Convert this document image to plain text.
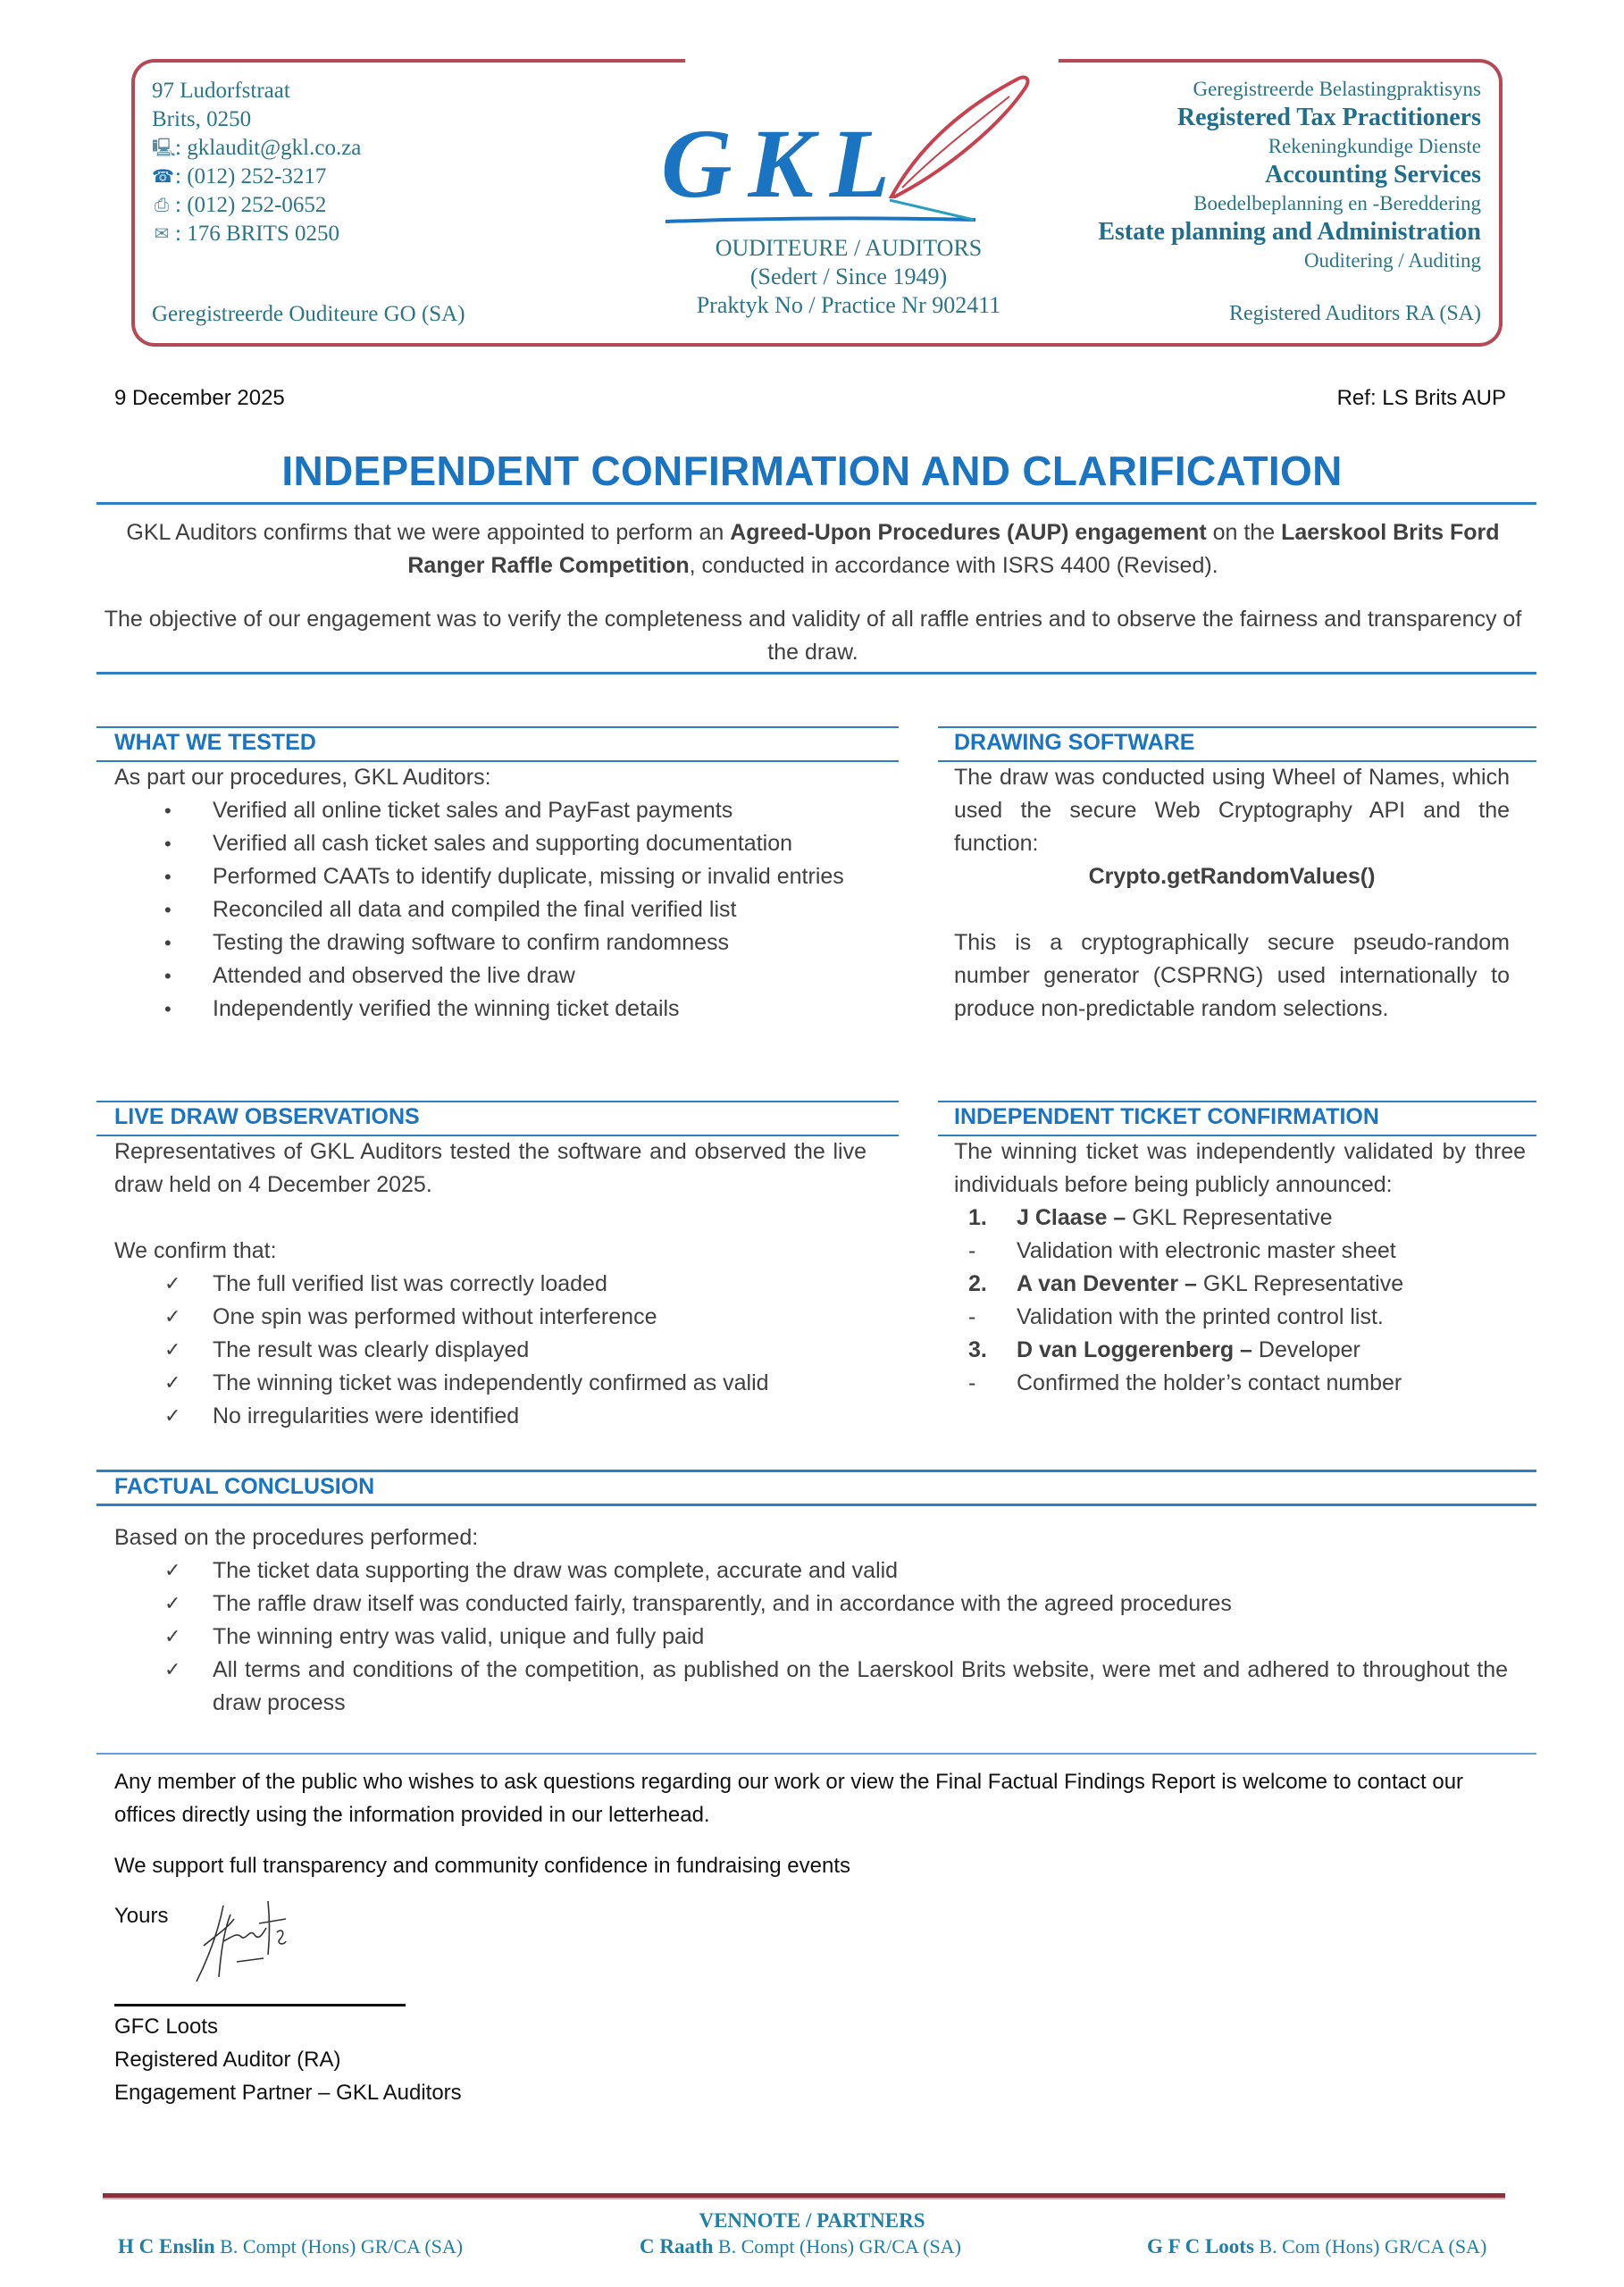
97 Ludorfstraat
Brits, 0250
🖳 : gklaudit@gkl.co.za
☎ : (012) 252-3217
⎙ : (012) 252-0652
✉ : 176 BRITS 0250
Geregistreerde Ouditeure GO (SA)
GKL
OUDITEURE / AUDITORS
(Sedert / Since 1949)
Praktyk No / Practice Nr 902411
Geregistreerde Belastingpraktisyns
Registered Tax Practitioners
Rekeningkundige Dienste
Accounting Services
Boedelbeplanning en -Bereddering
Estate planning and Administration
Ouditering / Auditing
Registered Auditors RA (SA)
9 December 2025	Ref: LS Brits AUP
INDEPENDENT CONFIRMATION AND CLARIFICATION
GKL Auditors confirms that we were appointed to perform an Agreed-Upon Procedures (AUP) engagement on the Laerskool Brits Ford Ranger Raffle Competition, conducted in accordance with ISRS 4400 (Revised).
The objective of our engagement was to verify the completeness and validity of all raffle entries and to observe the fairness and transparency of the draw.
WHAT WE TESTED

As part our procedures, GKL Auditors:

•	Verified all online ticket sales and PayFast payments
•	Verified all cash ticket sales and supporting documentation
•	Performed CAATs to identify duplicate, missing or invalid entries
•	Reconciled all data and compiled the final verified list
•	Testing the drawing software to confirm randomness
•	Attended and observed the live draw
•	Independently verified the winning ticket details
DRAWING SOFTWARE

The draw was conducted using Wheel of Names, which used the secure Web Cryptography API and the function:

Crypto.getRandomValues()

This is a cryptographically secure pseudo-random number generator (CSPRNG) used internationally to produce non-predictable random selections.

LIVE DRAW OBSERVATIONS

Representatives of GKL Auditors tested the software and observed the live draw held on 4 December 2025.

We confirm that:

✓	The full verified list was correctly loaded
✓	One spin was performed without interference
✓	The result was clearly displayed
✓	The winning ticket was independently confirmed as valid
✓	No irregularities were identified
INDEPENDENT TICKET CONFIRMATION

The winning ticket was independently validated by three individuals before being publicly announced:

1.	J Claase – GKL Representative
-	Validation with electronic master sheet
2.	A van Deventer – GKL Representative
-	Validation with the printed control list.
3.	D van Loggerenberg – Developer
-	Confirmed the holder’s contact number
FACTUAL CONCLUSION

Based on the procedures performed:

✓	The ticket data supporting the draw was complete, accurate and valid
✓	The raffle draw itself was conducted fairly, transparently, and in accordance with the agreed procedures
✓	The winning entry was valid, unique and fully paid
✓	All terms and conditions of the competition, as published on the Laerskool Brits website, were met and adhered to throughout the draw process
Any member of the public who wishes to ask questions regarding our work or view the Final Factual Findings Report is welcome to contact our offices directly using the information provided in our letterhead.
We support full transparency and community confidence in fundraising events
Yours
GFC Loots
Registered Auditor (RA)
Engagement Partner – GKL Auditors
VENNOTE / PARTNERS
H C Enslin B. Compt (Hons) GR/CA (SA)	C Raath B. Compt (Hons) GR/CA (SA)	G F C Loots B. Com (Hons) GR/CA (SA)
